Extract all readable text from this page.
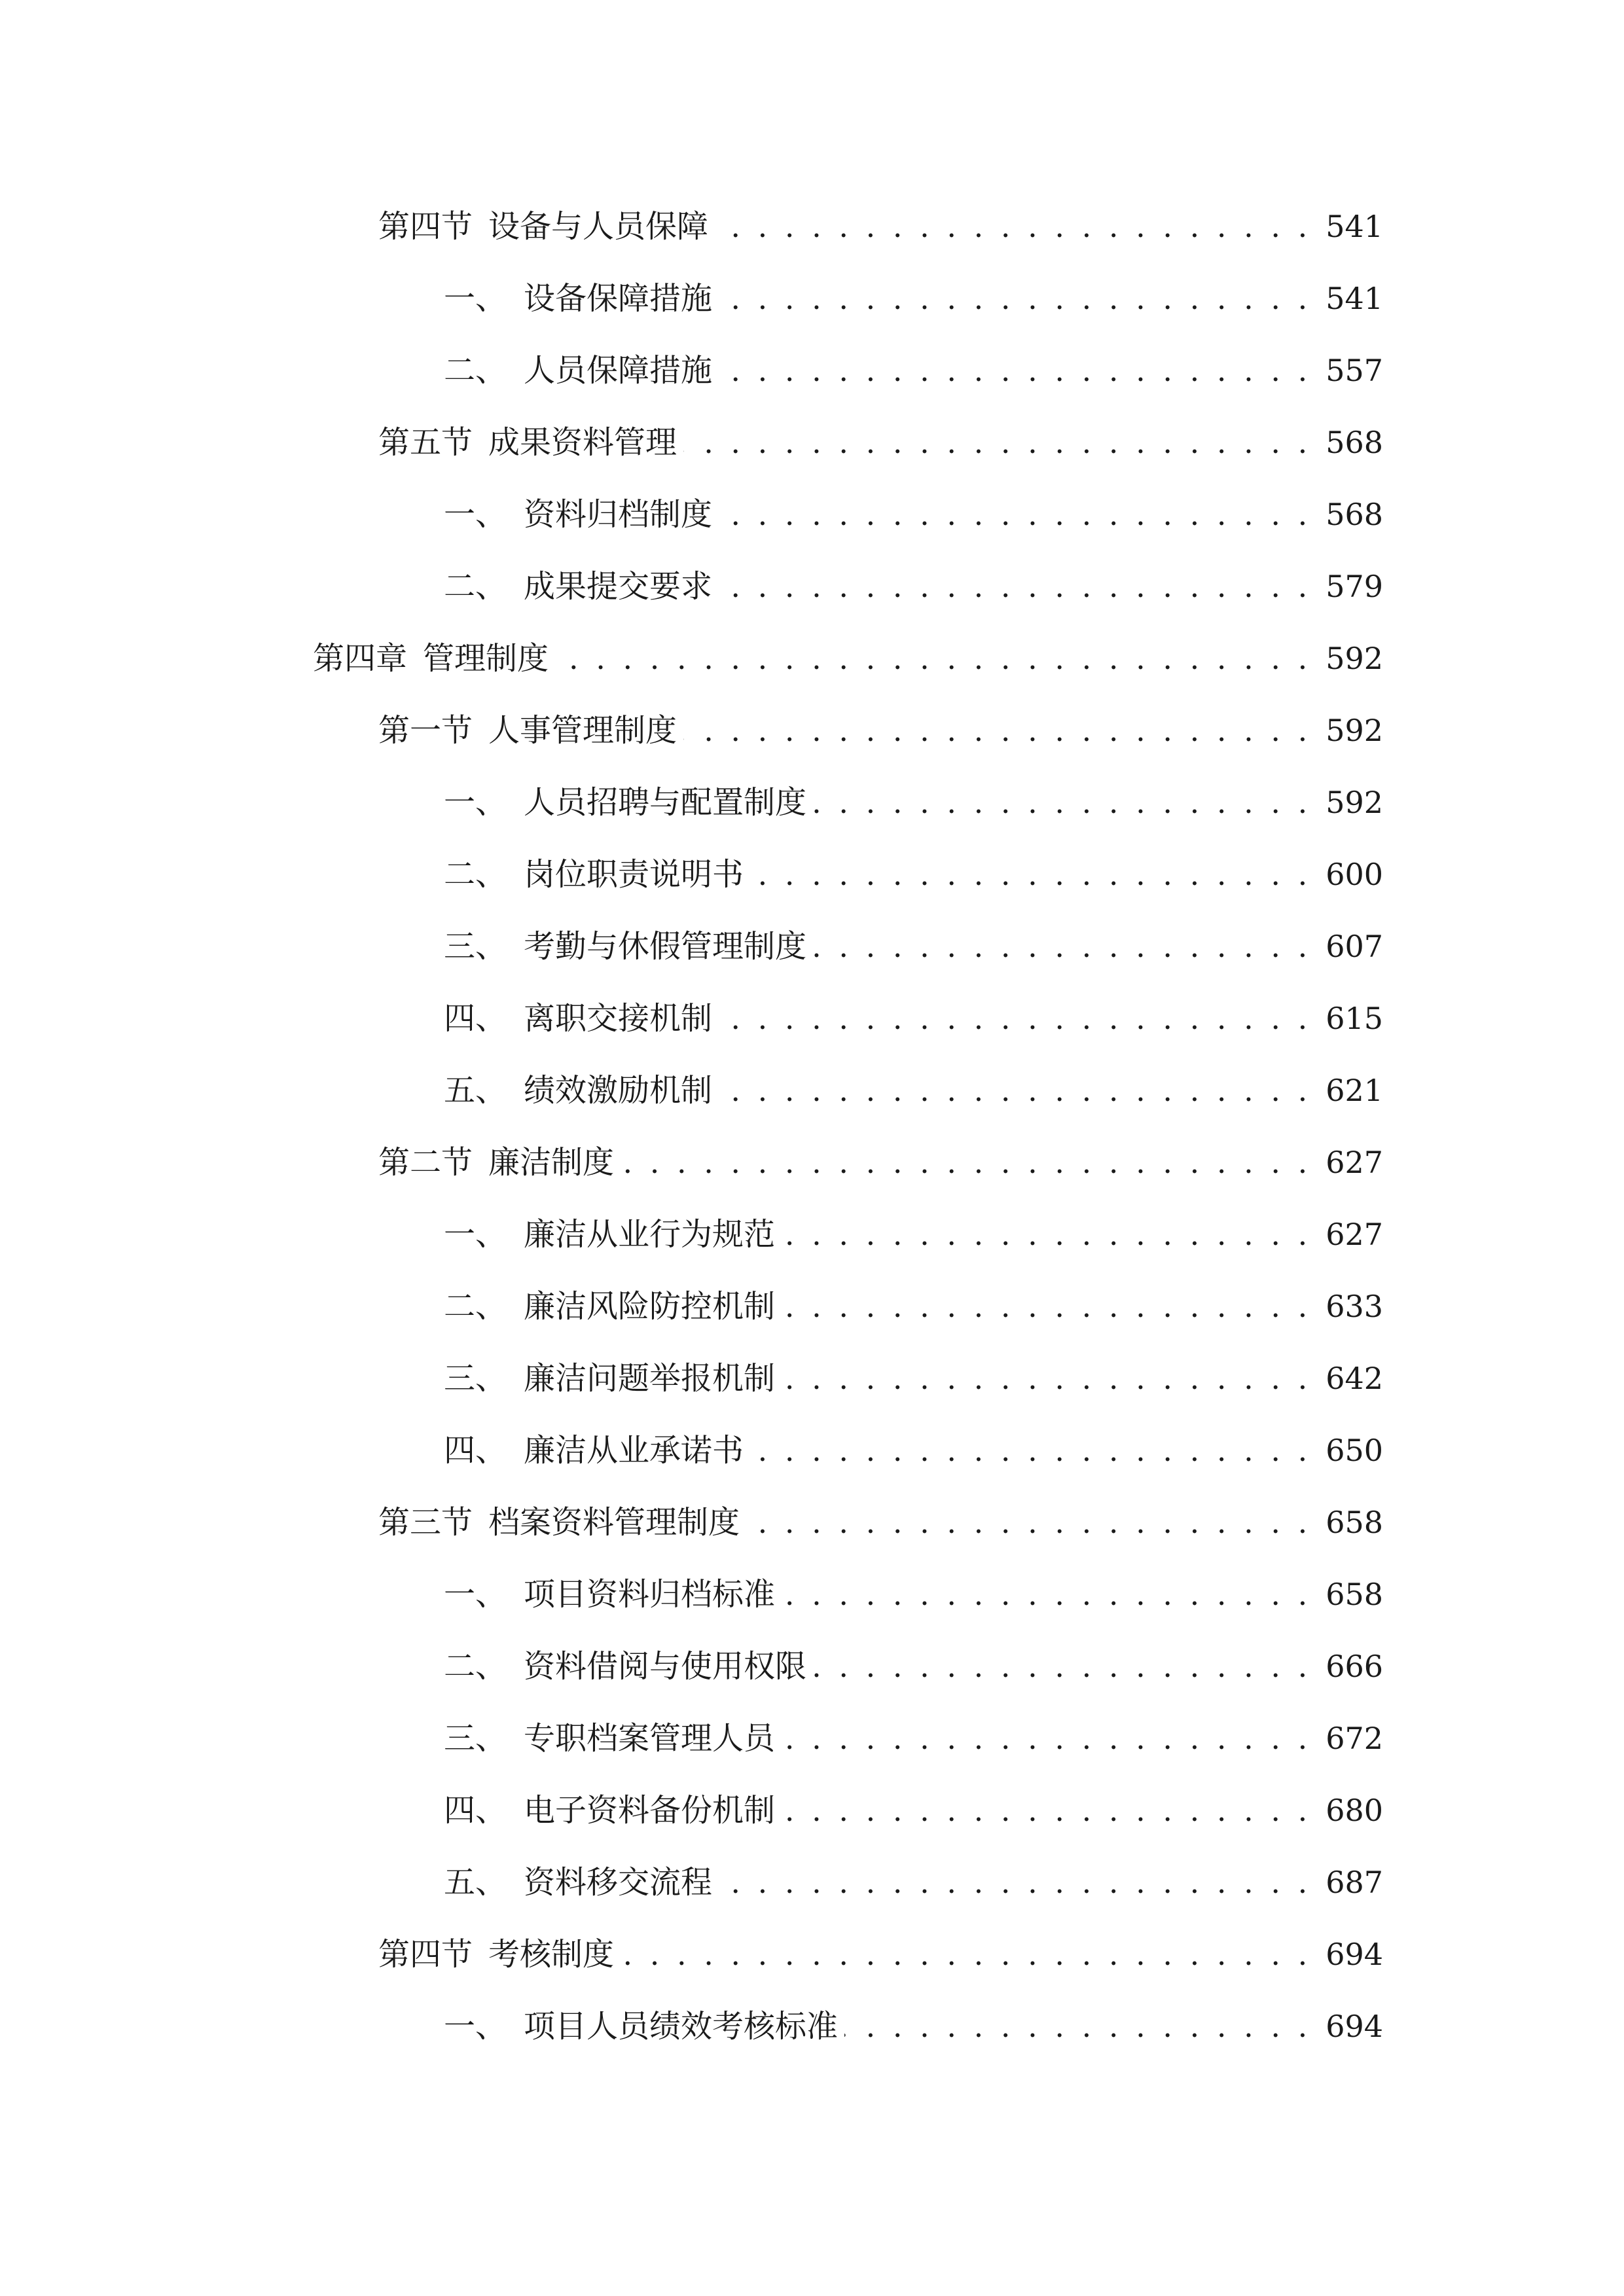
第四节 设备与人员保障 . . .	541
一、 设备保障措施 . . .	541
二、 人员保障措施 . . .	557
第五节 成果资料管理 . . .	568
一、 资料归档制度 . . .	568
二、 成果提交要求 . . .	579
第四章 管理制度 . . .	592
第一节 人事管理制度 . . .	592
一、 人员招聘与配置制度 . . .	592
二、 岗位职责说明书 . . .	600
三、 考勤与休假管理制度 . . .	607
四、 离职交接机制 . . .	615
五、 绩效激励机制 . . .	621
第二节 廉洁制度 . . .	627
一、 廉洁从业行为规范 . . .	627
二、 廉洁风险防控机制 . . .	633
三、 廉洁问题举报机制 . . .	642
四、 廉洁从业承诺书 . . .	650
第三节 档案资料管理制度 . . .	658
一、 项目资料归档标准 . . .	658
二、 资料借阅与使用权限 . . .	666
三、 专职档案管理人员 . . .	672
四、 电子资料备份机制 . . .	680
五、 资料移交流程 . . .	687
第四节 考核制度 . . .	694
一、 项目人员绩效考核标准 . . .	694
